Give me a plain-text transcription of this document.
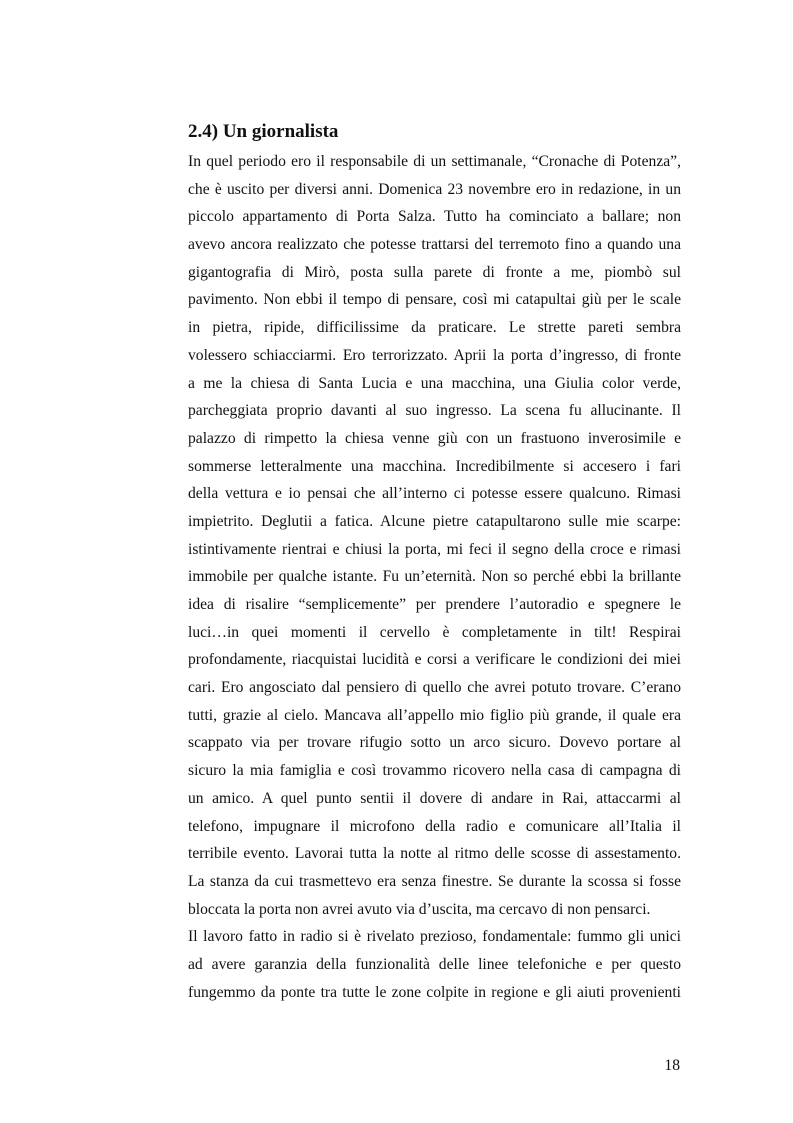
2.4) Un giornalista
In quel periodo ero il responsabile di un settimanale, “Cronache di Potenza”,
che è uscito per diversi anni. Domenica 23 novembre ero in redazione, in un
piccolo appartamento di Porta Salza. Tutto ha cominciato a ballare; non
avevo ancora realizzato che potesse trattarsi del terremoto fino a quando una
gigantografia di Mirò, posta sulla parete di fronte a me, piombò sul
pavimento. Non ebbi il tempo di pensare, così mi catapultai giù per le scale
in pietra, ripide, difficilissime da praticare. Le strette pareti sembra
volessero schiacciarmi. Ero terrorizzato. Aprii la porta d’ingresso, di fronte
a me la chiesa di Santa Lucia e una macchina, una Giulia color verde,
parcheggiata proprio davanti al suo ingresso. La scena fu allucinante. Il
palazzo di rimpetto la chiesa venne giù con un frastuono inverosimile e
sommerse letteralmente una macchina. Incredibilmente si accesero i fari
della vettura e io pensai che all’interno ci potesse essere qualcuno. Rimasi
impietrito. Deglutii a fatica. Alcune pietre catapultarono sulle mie scarpe:
istintivamente rientrai e chiusi la porta, mi feci il segno della croce e rimasi
immobile per qualche istante. Fu un’eternità. Non so perché ebbi la brillante
idea di risalire “semplicemente” per prendere l’autoradio e spegnere le
luci…in quei momenti il cervello è completamente in tilt! Respirai
profondamente, riacquistai lucidità e corsi a verificare le condizioni dei miei
cari. Ero angosciato dal pensiero di quello che avrei potuto trovare. C’erano
tutti, grazie al cielo. Mancava all’appello mio figlio più grande, il quale era
scappato via per trovare rifugio sotto un arco sicuro. Dovevo portare al
sicuro la mia famiglia e così trovammo ricovero nella casa di campagna di
un amico. A quel punto sentii il dovere di andare in Rai, attaccarmi al
telefono, impugnare il microfono della radio e comunicare all’Italia il
terribile evento. Lavorai tutta la notte al ritmo delle scosse di assestamento.
La stanza da cui trasmettevo era senza finestre. Se durante la scossa si fosse
bloccata la porta non avrei avuto via d’uscita, ma cercavo di non pensarci.
Il lavoro fatto in radio si è rivelato prezioso, fondamentale: fummo gli unici
ad avere garanzia della funzionalità delle linee telefoniche e per questo
fungemmo da ponte tra tutte le zone colpite in regione e gli aiuti provenienti
18
